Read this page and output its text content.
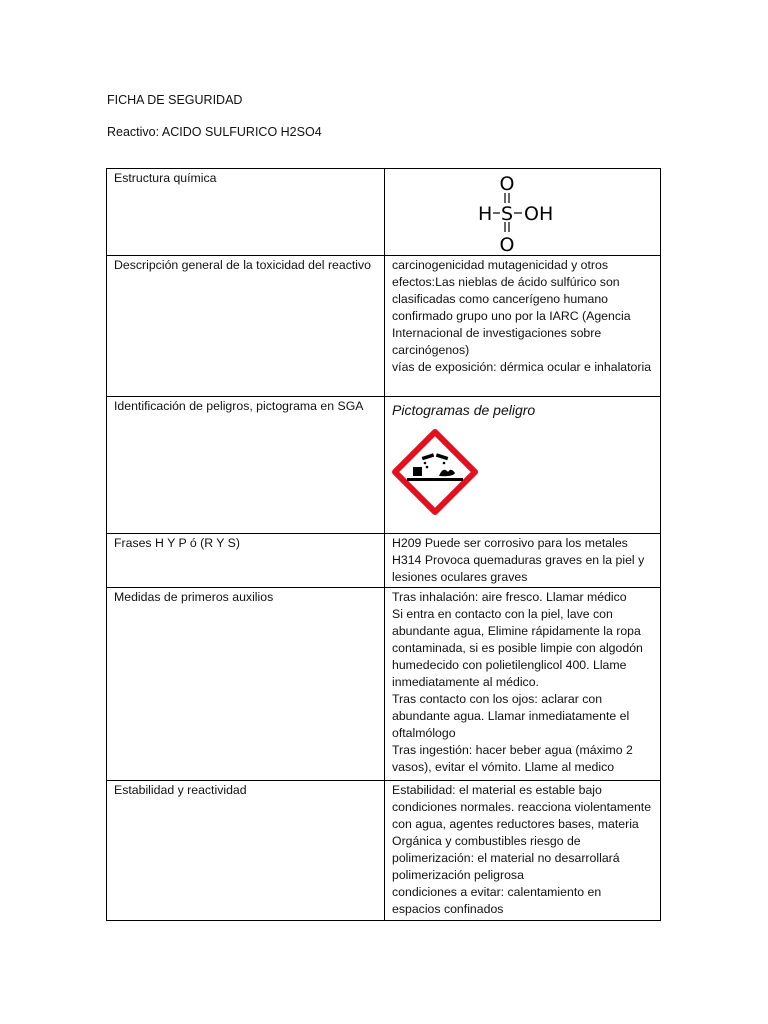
FICHA DE SEGURIDAD
Reactivo: ACIDO SULFURICO H2SO4
Estructura química	O
H S OH
O

Descripción general de la toxicidad del reactivo	carcinogenicidad mutagenicidad y otros efectos:Las nieblas de ácido sulfúrico son clasificadas como cancerígeno humano confirmado grupo uno por la IARC (Agencia Internacional de investigaciones sobre carcinógenos)
vías de exposición: dérmica ocular e inhalatoria
Identificación de peligros, pictograma en SGA	Pictogramas de peligro

Frases H Y P ó (R Y S)	H209 Puede ser corrosivo para los metales
H314 Provoca quemaduras graves en la piel y lesiones oculares graves
Medidas de primeros auxilios	Tras inhalación: aire fresco. Llamar médico
Si entra en contacto con la piel, lave con abundante agua, Elimine rápidamente la ropa contaminada, si es posible limpie con algodón humedecido con polietilenglicol 400. Llame inmediatamente al médico.
Tras contacto con los ojos: aclarar con abundante agua. Llamar inmediatamente el oftalmólogo
Tras ingestión: hacer beber agua (máximo 2 vasos), evitar el vómito. Llame al medico
Estabilidad y reactividad	Estabilidad: el material es estable bajo condiciones normales. reacciona violentamente con agua, agentes reductores bases, materia Orgánica y combustibles riesgo de polimerización: el material no desarrollará polimerización peligrosa
condiciones a evitar: calentamiento en espacios confinados
